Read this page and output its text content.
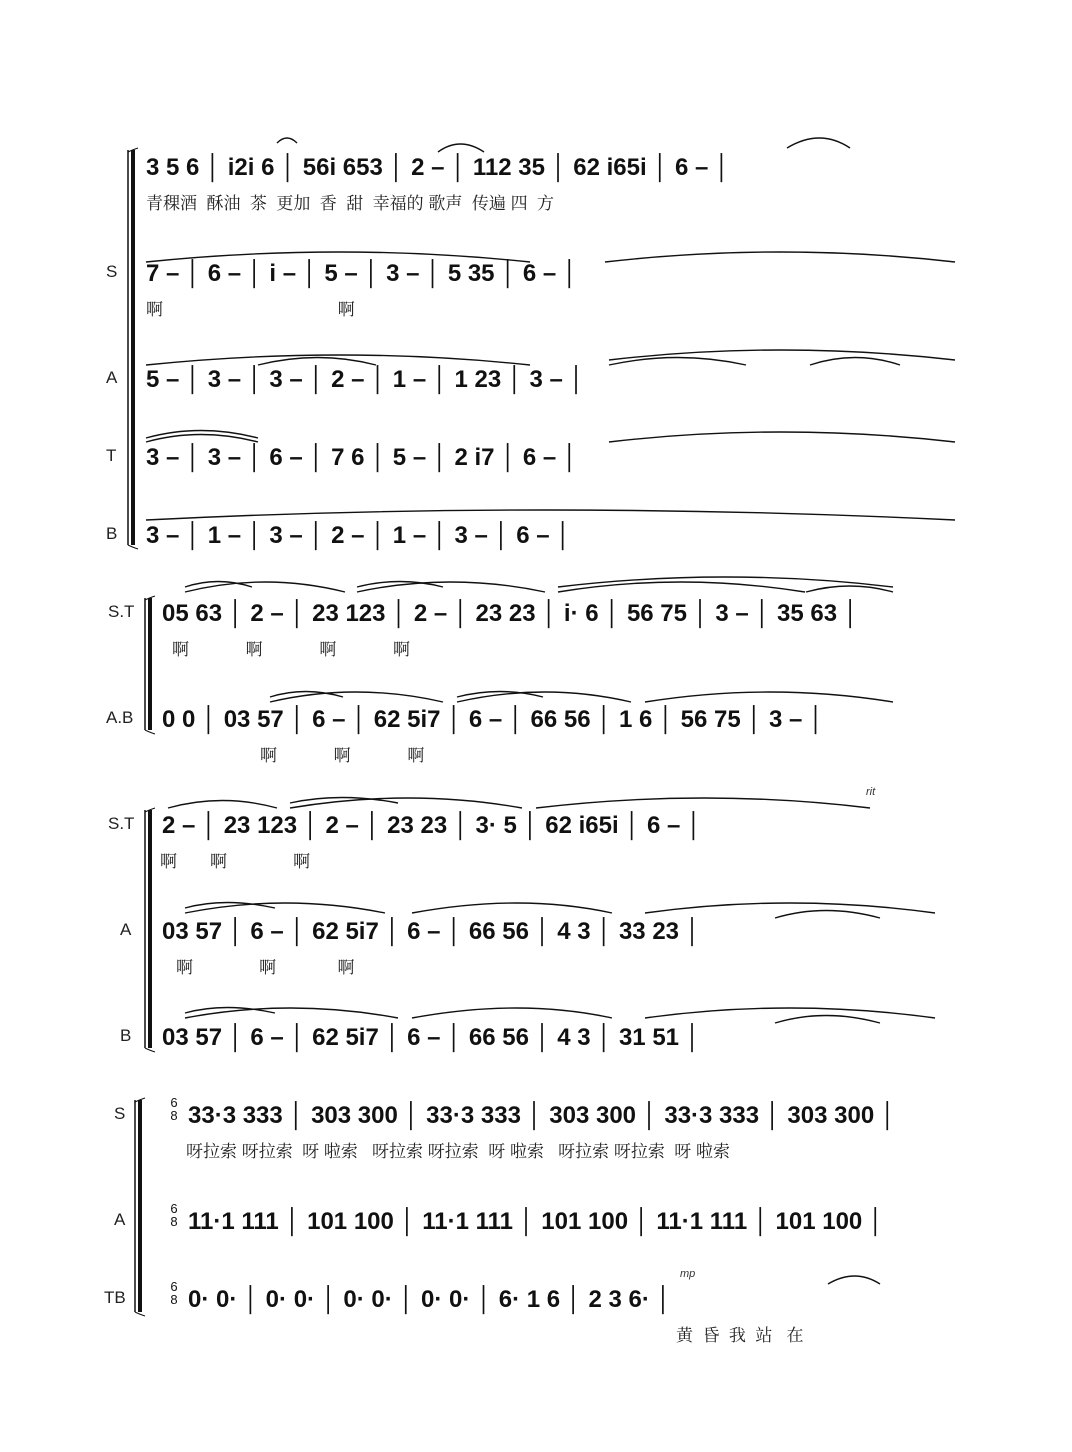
3 5 6 │ i2i 6 │ 56i 653 │ 2 – │ 112 35 │ 62 i65i │ 6 – │
青稞酒  酥油  茶  更加  香  甜  幸福的 歌声  传遍 四  方
S 7 – │ 6 – │ i – │ 5 – │ 3 – │ 5 35 │ 6 – │
啊                                     啊
A 5 – │ 3 – │ 3 – │ 2 – │ 1 – │ 1 23 │ 3 – │
T 3 – │ 3 – │ 6 – │ 7 6 │ 5 – │ 2 i7 │ 6 – │
B 3 – │ 1 – │ 3 – │ 2 – │ 1 – │ 3 – │ 6 – │
S.T 05 63 │ 2 – │ 23 123 │ 2 – │ 23 23 │ i· 6 │ 56 75 │ 3 – │ 35 63 │
啊            啊            啊            啊
A.B 0 0 │ 03 57 │ 6 – │ 62 5i7 │ 6 – │ 66 56 │ 1 6 │ 56 75 │ 3 – │
啊            啊            啊
rit
S.T 2 – │ 23 123 │ 2 – │ 23 23 │ 3· 5 │ 62 i65i │ 6 – │
啊       啊              啊
A 03 57 │ 6 – │ 62 5i7 │ 6 – │ 66 56 │ 4 3 │ 33 23 │
啊              啊             啊
B 03 57 │ 6 – │ 62 5i7 │ 6 – │ 66 56 │ 4 3 │ 31 51 │
S
6
8 33·3 333 │ 303 300 │ 33·3 333 │ 303 300 │ 33·3 333 │ 303 300 │
呀拉索 呀拉索  呀 啦索   呀拉索 呀拉索  呀 啦索   呀拉索 呀拉索  呀 啦索
A
6
8 11·1 111 │ 101 100 │ 11·1 111 │ 101 100 │ 11·1 111 │ 101 100 │
mp
TB
6
8 0· 0· │ 0· 0· │ 0· 0· │ 0· 0· │ 6· 1 6 │ 2 3 6· │
黄  昏  我  站   在
